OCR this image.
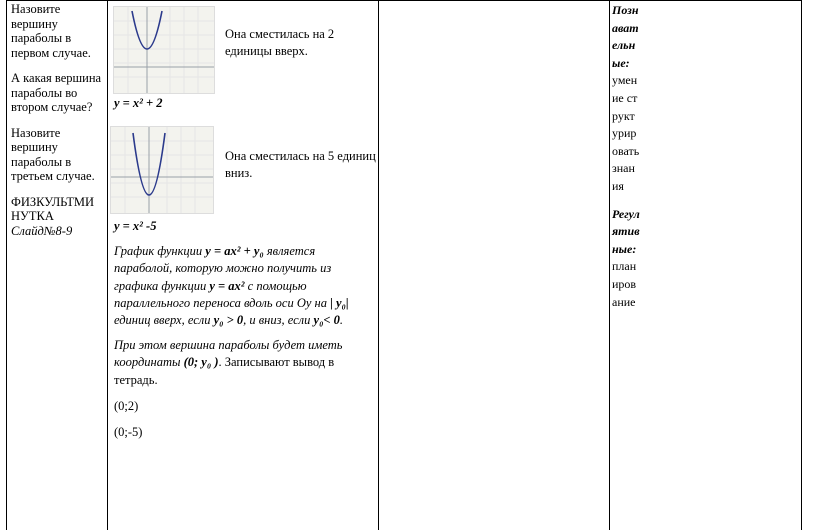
Назовите вершину параболы в первом случае.

А какая вершина параболы во втором случае?

Назовите вершину параболы в третьем случае.

ФИЗКУЛЬТМИНУТКА
Слайд№8-9

Она сместилась на 2 единицы вверх.
y = x² + 2
Она сместилась на 5 единиц вниз.
y = x² -5
График функции y = ax² + y₀ является параболой, которую можно получить из графика функции y = ax² с помощью параллельного переноса вдоль оси Оу на | y₀| единиц вверх, если y₀ > 0, и вниз, если y₀< 0.
При этом вершина параболы будет иметь координаты (0; y₀ ). Записывают вывод в тетрадь.
(0;2)
(0;-5)
Познавательные:
умение структурировать знания
Регулятивные:
планирование
